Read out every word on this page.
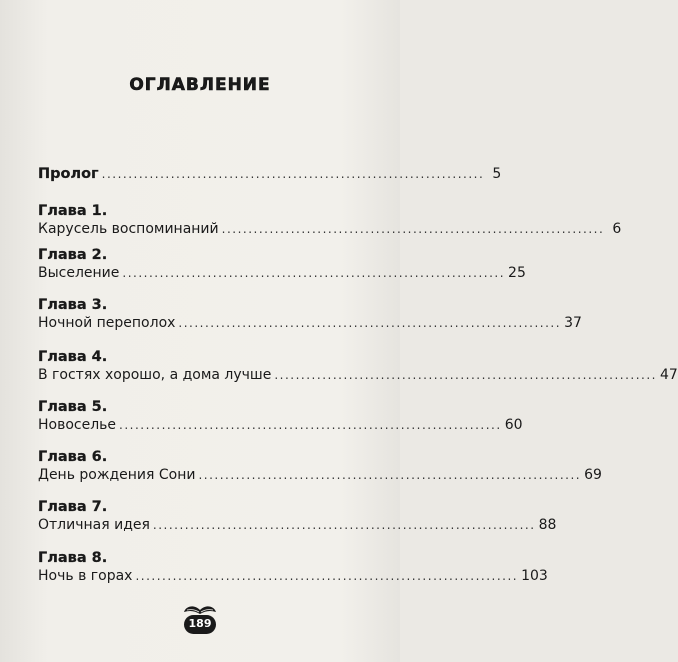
ОГЛАВЛЕНИЕ
Пролог ........................................................................ 5
Глава 1.
Карусель воспоминаний ........................................................................ 6
Глава 2.
Выселение ........................................................................ 25
Глава 3.
Ночной переполох ........................................................................ 37
Глава 4.
В гостях хорошо, а дома лучше ........................................................................ 47
Глава 5.
Новоселье ........................................................................ 60
Глава 6.
День рождения Сони ........................................................................ 69
Глава 7.
Отличная идея ........................................................................ 88
Глава 8.
Ночь в горах ........................................................................ 103
189
